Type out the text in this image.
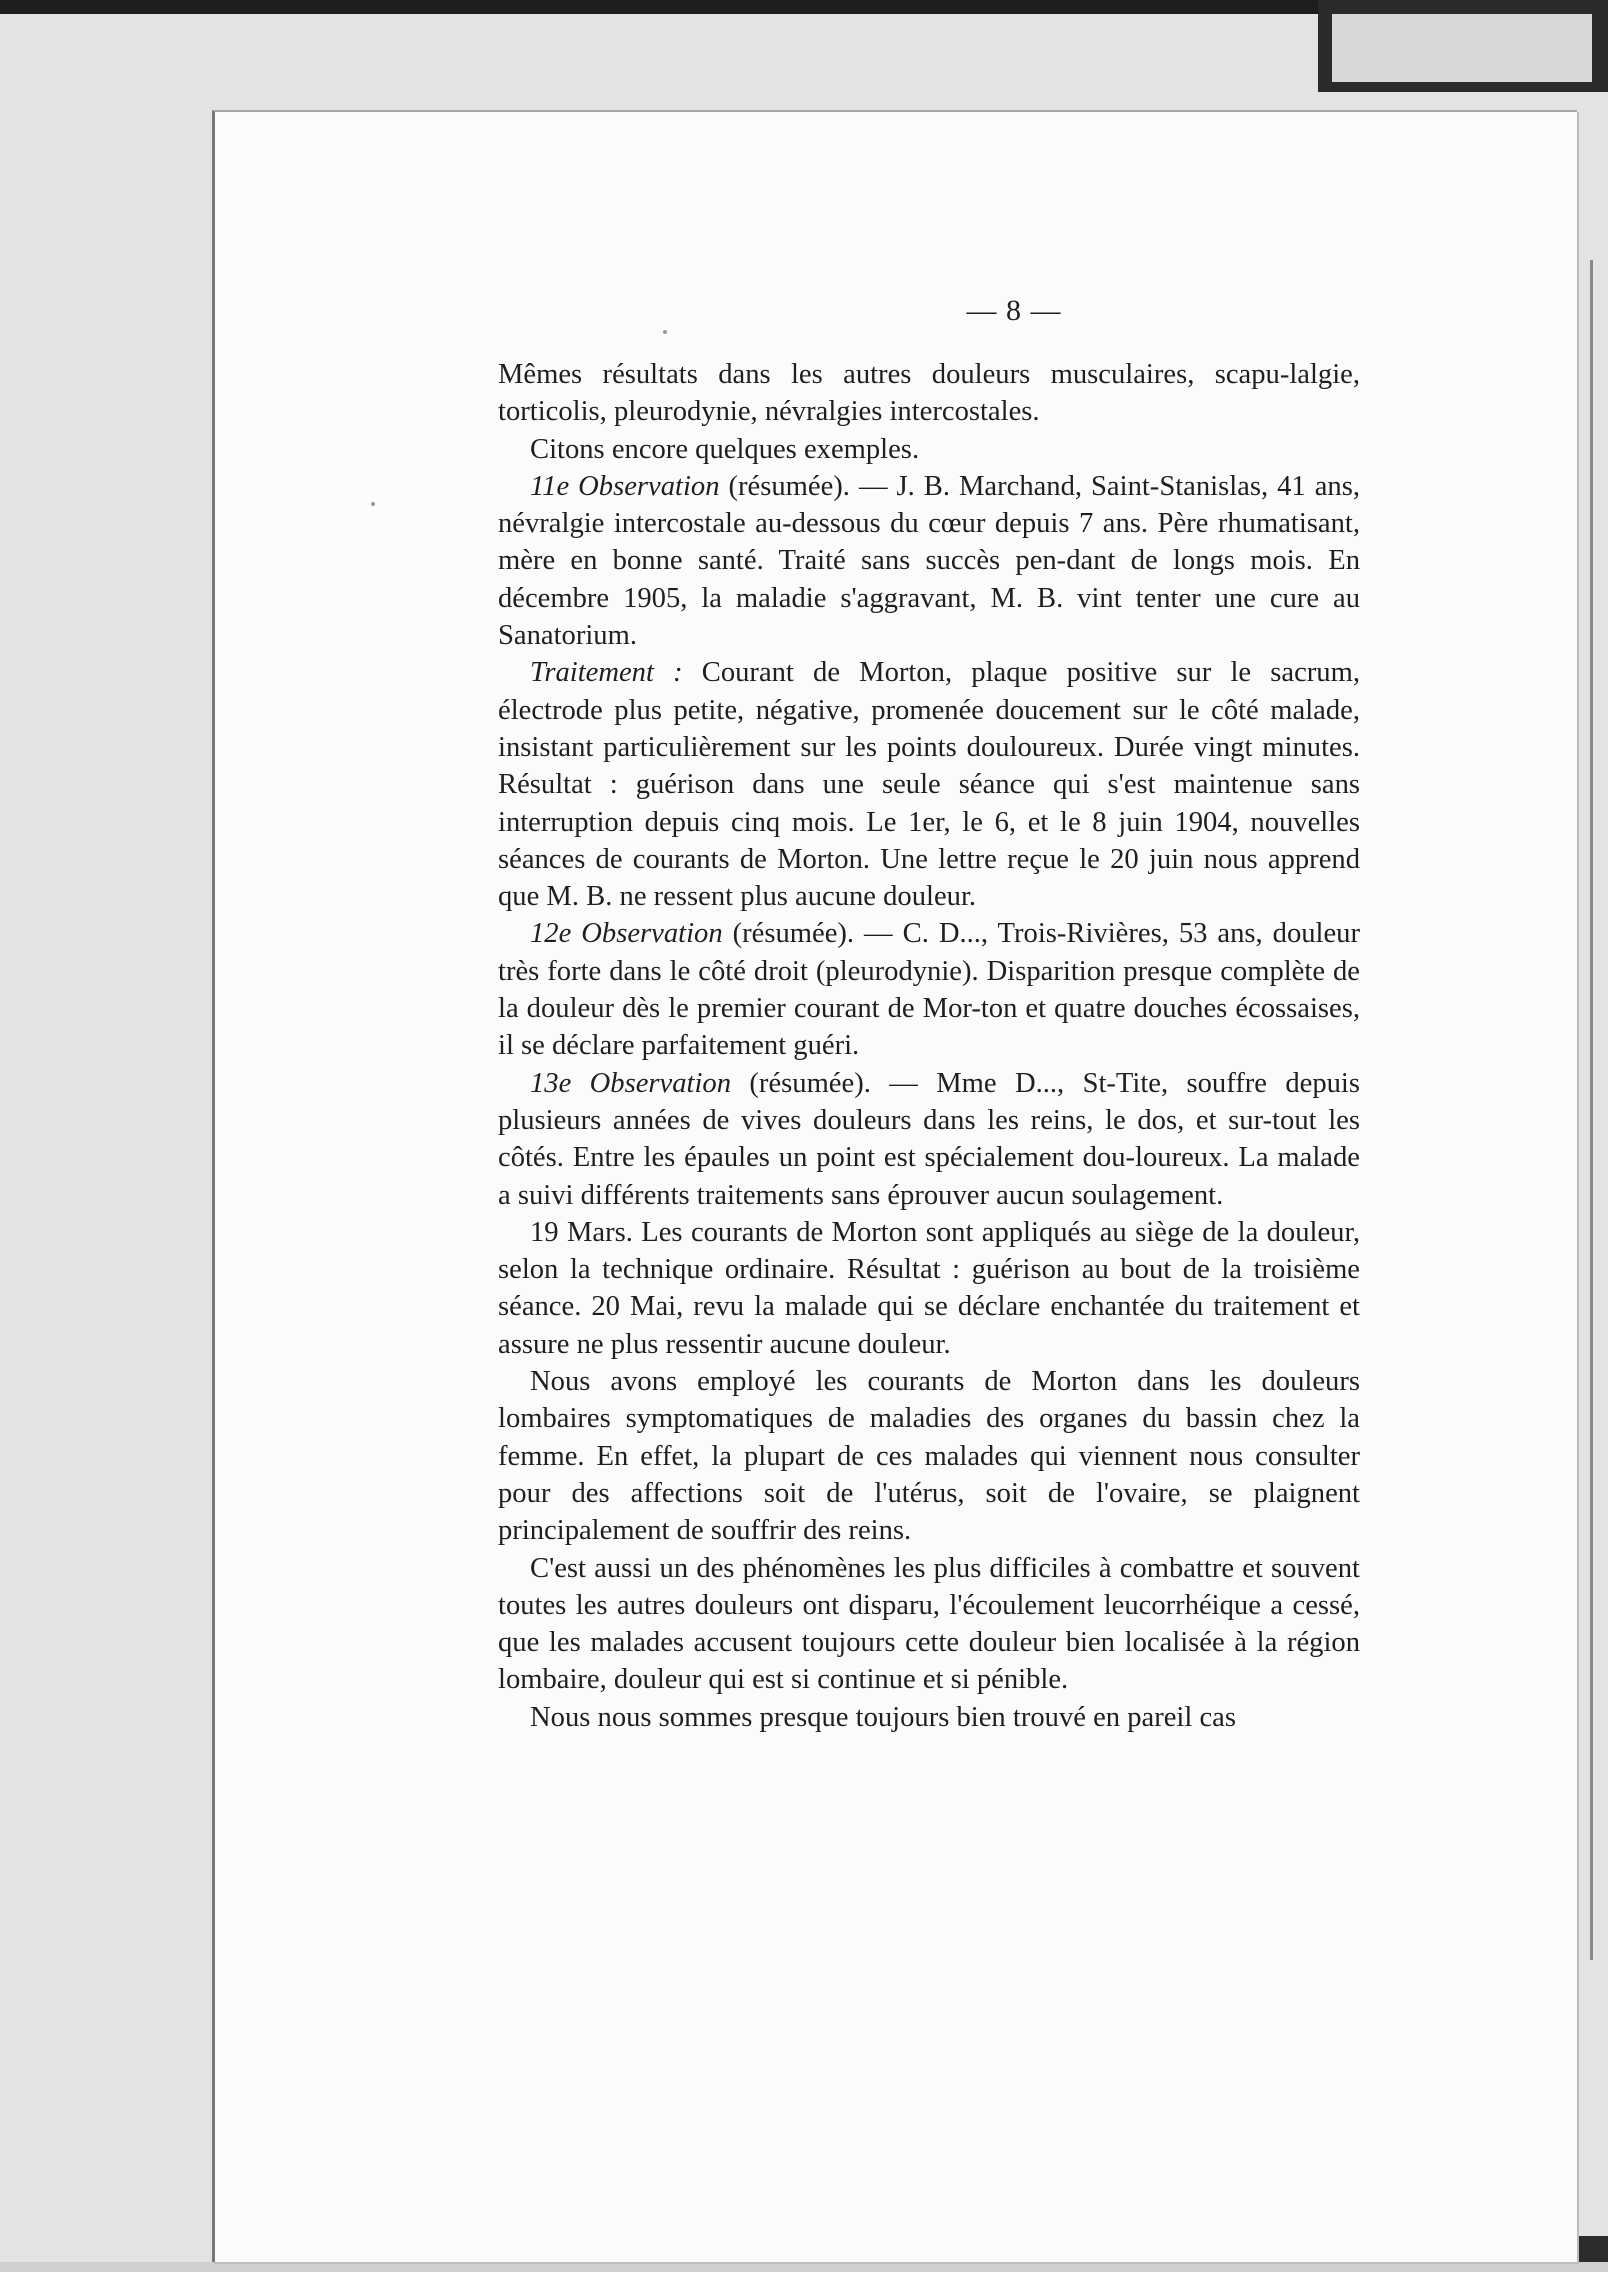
— 8 —

Mêmes résultats dans les autres douleurs musculaires, scapu-lalgie, torticolis, pleurodynie, névralgies intercostales.

Citons encore quelques exemples.

11e Observation (résumée). — J. B. Marchand, Saint-Stanislas, 41 ans, névralgie intercostale au-dessous du cœur depuis 7 ans. Père rhumatisant, mère en bonne santé. Traité sans succès pen-dant de longs mois. En décembre 1905, la maladie s'aggravant, M. B. vint tenter une cure au Sanatorium.

Traitement : Courant de Morton, plaque positive sur le sacrum, électrode plus petite, négative, promenée doucement sur le côté malade, insistant particulièrement sur les points douloureux. Durée vingt minutes. Résultat : guérison dans une seule séance qui s'est maintenue sans interruption depuis cinq mois. Le 1er, le 6, et le 8 juin 1904, nouvelles séances de courants de Morton. Une lettre reçue le 20 juin nous apprend que M. B. ne ressent plus aucune douleur.

12e Observation (résumée). — C. D..., Trois-Rivières, 53 ans, douleur très forte dans le côté droit (pleurodynie). Disparition presque complète de la douleur dès le premier courant de Mor-ton et quatre douches écossaises, il se déclare parfaitement guéri.

13e Observation (résumée). — Mme D..., St-Tite, souffre depuis plusieurs années de vives douleurs dans les reins, le dos, et sur-tout les côtés. Entre les épaules un point est spécialement dou-loureux. La malade a suivi différents traitements sans éprouver aucun soulagement.

19 Mars. Les courants de Morton sont appliqués au siège de la douleur, selon la technique ordinaire. Résultat : guérison au bout de la troisième séance. 20 Mai, revu la malade qui se déclare enchantée du traitement et assure ne plus ressentir aucune douleur.

Nous avons employé les courants de Morton dans les douleurs lombaires symptomatiques de maladies des organes du bassin chez la femme. En effet, la plupart de ces malades qui viennent nous consulter pour des affections soit de l'utérus, soit de l'ovaire, se plaignent principalement de souffrir des reins.

C'est aussi un des phénomènes les plus difficiles à combattre et souvent toutes les autres douleurs ont disparu, l'écoulement leucorrhéique a cessé, que les malades accusent toujours cette douleur bien localisée à la région lombaire, douleur qui est si continue et si pénible.

Nous nous sommes presque toujours bien trouvé en pareil cas
